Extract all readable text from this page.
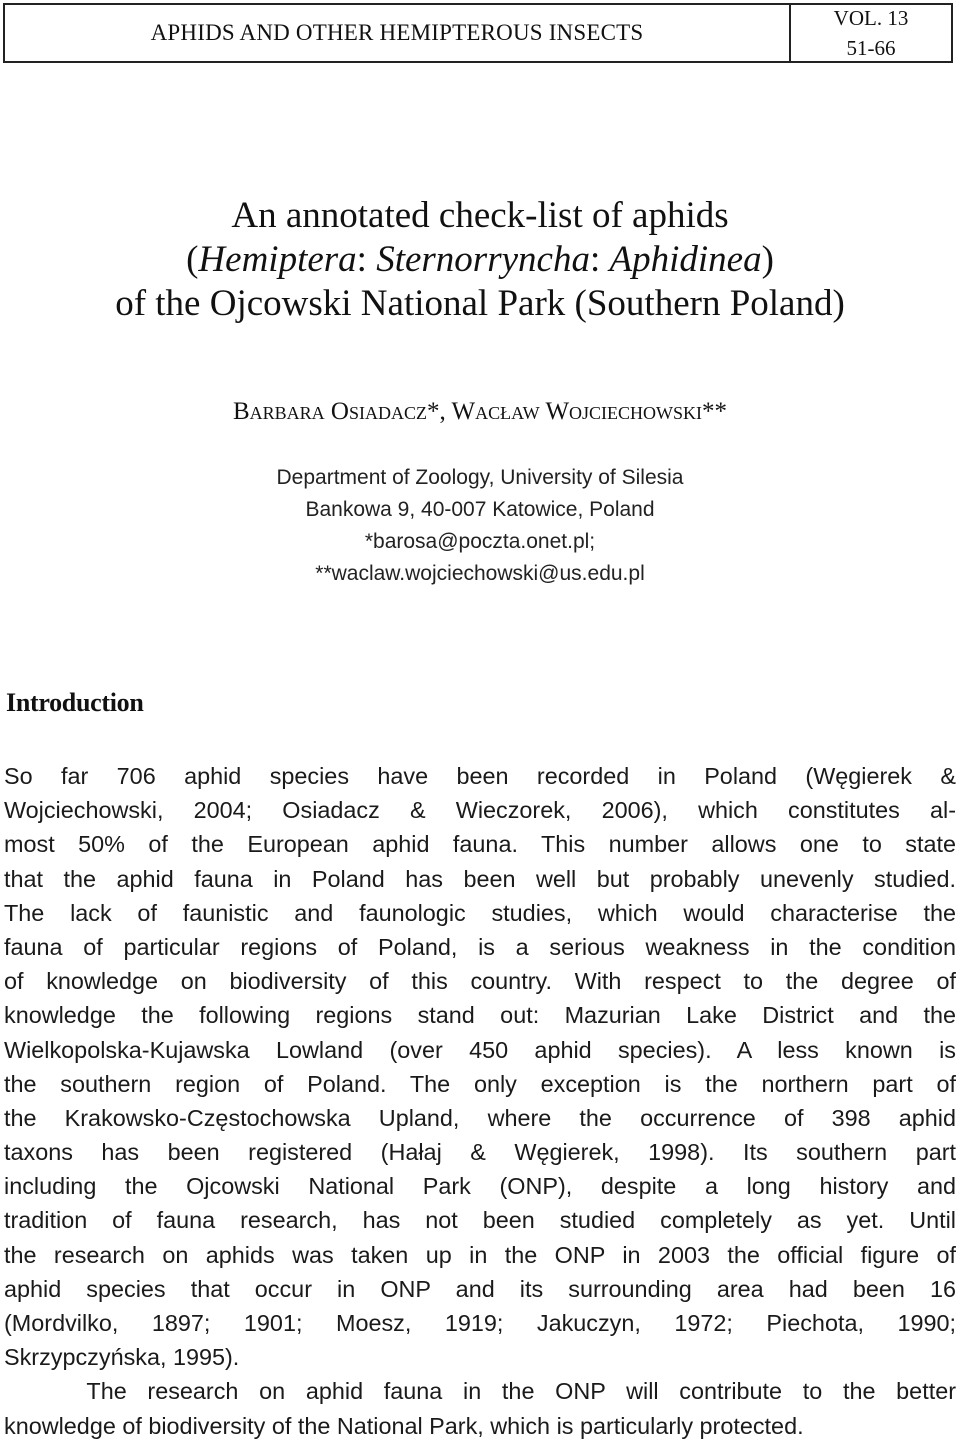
APHIDS AND OTHER HEMIPTEROUS INSECTS
VOL. 13
51-66
An annotated check-list of aphids
(Hemiptera: Sternorryncha: Aphidinea)
of the Ojcowski National Park (Southern Poland)
Barbara Osiadacz*, Wacław Wojciechowski**
Department of Zoology, University of Silesia
Bankowa 9, 40-007 Katowice, Poland
*barosa@poczta.onet.pl;
**waclaw.wojciechowski@us.edu.pl
Introduction
So far 706 aphid species have been recorded in Poland (Węgierek &
Wojciechowski, 2004; Osiadacz & Wieczorek, 2006), which constitutes al-
most 50% of the European aphid fauna. This number allows one to state
that the aphid fauna in Poland has been well but probably unevenly studied.
The lack of faunistic and faunologic studies, which would characterise the
fauna of particular regions of Poland, is a serious weakness in the condition
of knowledge on biodiversity of this country. With respect to the degree of
knowledge the following regions stand out: Mazurian Lake District and the
Wielkopolska-Kujawska Lowland (over 450 aphid species). A less known is
the southern region of Poland. The only exception is the northern part of
the Krakowsko-Częstochowska Upland, where the occurrence of 398 aphid
taxons has been registered (Hałaj & Węgierek, 1998). Its southern part
including the Ojcowski National Park (ONP), despite a long history and
tradition of fauna research, has not been studied completely as yet. Until
the research on aphids was taken up in the ONP in 2003 the official figure of
aphid species that occur in ONP and its surrounding area had been 16
(Mordvilko, 1897; 1901; Moesz, 1919; Jakuczyn, 1972; Piechota, 1990;
Skrzypczyńska, 1995).
The research on aphid fauna in the ONP will contribute to the better
knowledge of biodiversity of the National Park, which is particularly protected.
